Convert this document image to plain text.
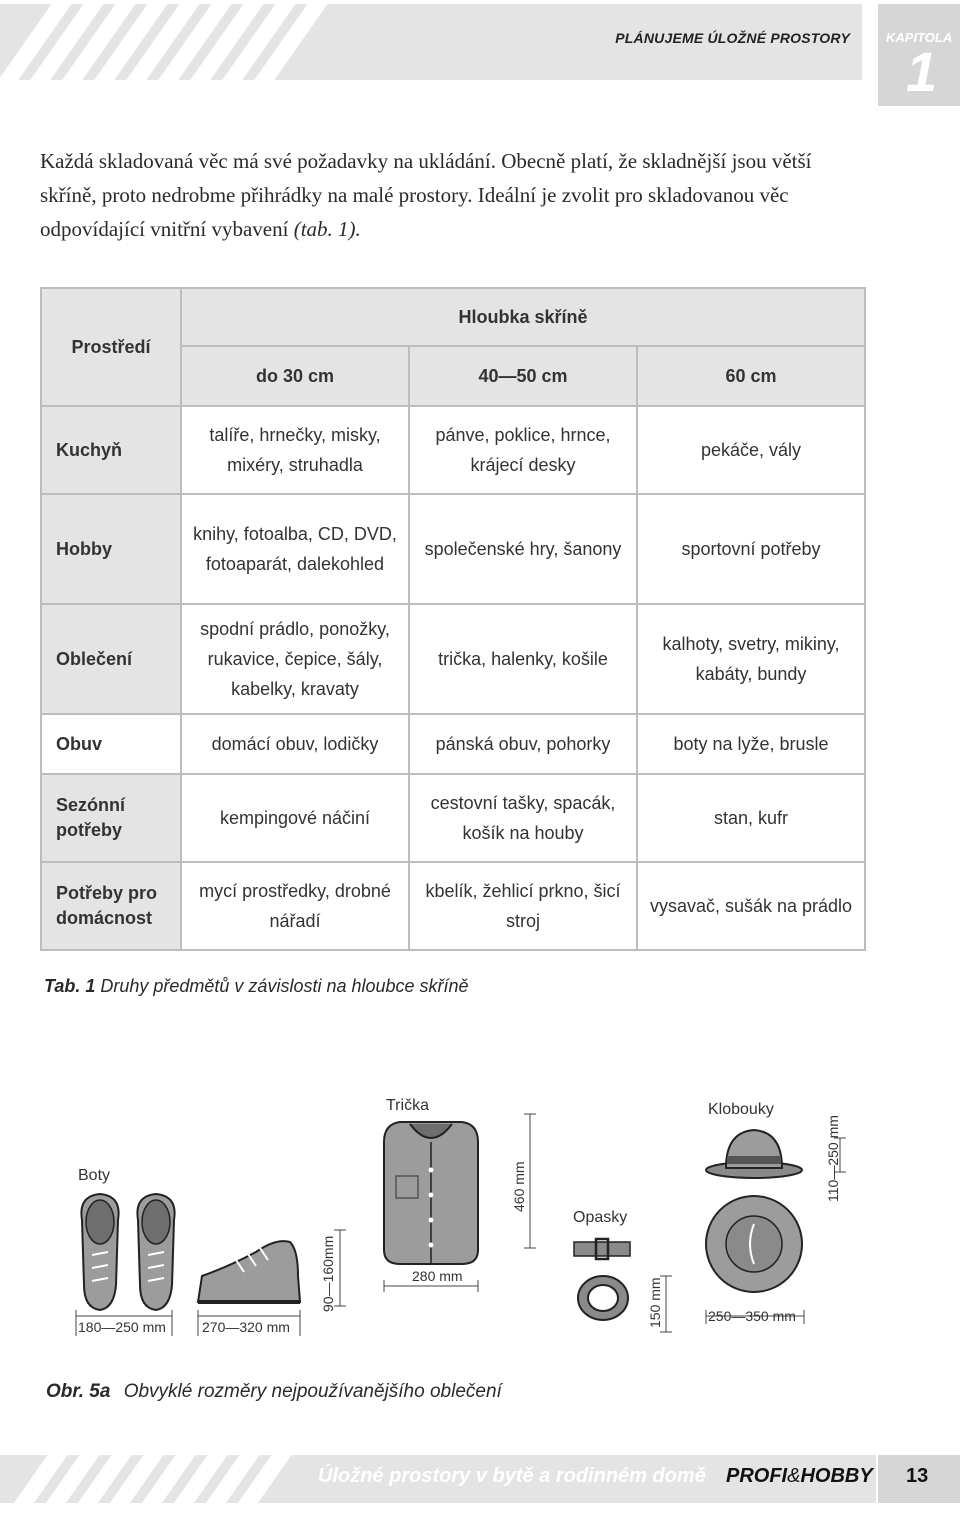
PLÁNUJEME ÚLOŽNÉ PROSTORY	KAPITOLA
1

Každá skladovaná věc má své požadavky na ukládání. Obecně platí, že skladnější jsou větší skříně, proto nedrobme přihrádky na malé prostory. Ideální je zvolit pro skladovanou věc odpovídající vnitřní vybavení (tab. 1).

Prostředí	Hloubka skříně		
	do 30 cm	40—50 cm	60 cm
Kuchyň	talíře, hrnečky, misky, mixéry, struhadla	pánve, poklice, hrnce, krájecí desky	pekáče, vály
Hobby	knihy, fotoalba, CD, DVD, fotoaparát, dalekohled	společenské hry, šanony	sportovní potřeby
Oblečení	spodní prádlo, ponožky, rukavice, čepice, šály, kabelky, kravaty	trička, halenky, košile	kalhoty, svetry, mikiny, kabáty, bundy
Obuv	domácí obuv, lodičky	pánská obuv, pohorky	boty na lyže, brusle
Sezónní potřeby	kempingové náčiní	cestovní tašky, spacák, košík na houby	stan, kufr
Potřeby pro domácnost	mycí prostředky, drobné nářadí	kbelík, žehlicí prkno, šicí stroj	vysavač, sušák na prádlo
Tab. 1 Druhy předmětů v závislosti na hloubce skříně
Boty
Trička
Opasky
Klobouky
180—250 mm	270—320 mm
90—160mm	280 mm
460 mm
150 mm	250—350 mm
110—250 mm
Obr. 5a Obvyklé rozměry nejpoužívanějšího oblečení
Úložné prostory v bytě a rodinném domě PROFI&HOBBY 13
